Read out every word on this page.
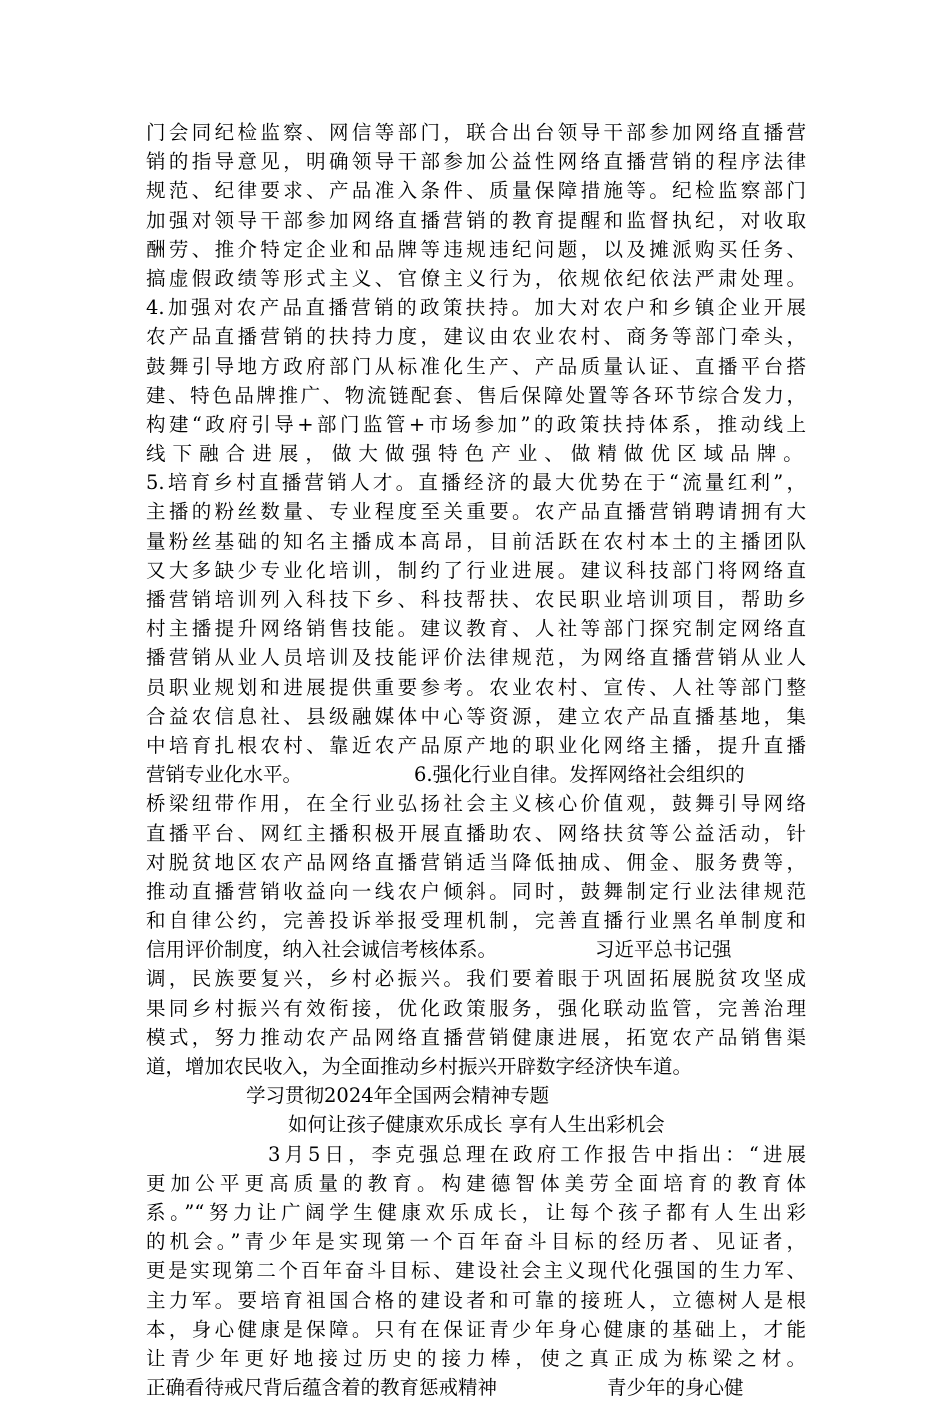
门会同纪检监察、网信等部门，联合出台领导干部参加网络直播营
销的指导意见，明确领导干部参加公益性网络直播营销的程序法律
规范、纪律要求、产品准入条件、质量保障措施等。纪检监察部门
加强对领导干部参加网络直播营销的教育提醒和监督执纪，对收取
酬劳、推介特定企业和品牌等违规违纪问题，以及摊派购买任务、
搞虚假政绩等形式主义、官僚主义行为，依规依纪依法严肃处理。
4.加强对农产品直播营销的政策扶持。加大对农户和乡镇企业开展
农产品直播营销的扶持力度，建议由农业农村、商务等部门牵头，
鼓舞引导地方政府部门从标准化生产、产品质量认证、直播平台搭
建、特色品牌推广、物流链配套、售后保障处置等各环节综合发力，
构建“政府引导+部门监管+市场参加”的政策扶持体系，推动线上
线下融合进展，做大做强特色产业、做精做优区域品牌。
5.培育乡村直播营销人才。直播经济的最大优势在于“流量红利”，
主播的粉丝数量、专业程度至关重要。农产品直播营销聘请拥有大
量粉丝基础的知名主播成本高昂，目前活跃在农村本土的主播团队
又大多缺少专业化培训，制约了行业进展。建议科技部门将网络直
播营销培训列入科技下乡、科技帮扶、农民职业培训项目，帮助乡
村主播提升网络销售技能。建议教育、人社等部门探究制定网络直
播营销从业人员培训及技能评价法律规范，为网络直播营销从业人
员职业规划和进展提供重要参考。农业农村、宣传、人社等部门整
合益农信息社、县级融媒体中心等资源，建立农产品直播基地，集
中培育扎根农村、靠近农产品原产地的职业化网络主播，提升直播
营销专业化水平。	6.强化行业自律。发挥网络社会组织的
桥梁纽带作用，在全行业弘扬社会主义核心价值观，鼓舞引导网络
直播平台、网红主播积极开展直播助农、网络扶贫等公益活动，针
对脱贫地区农产品网络直播营销适当降低抽成、佣金、服务费等，
推动直播营销收益向一线农户倾斜。同时，鼓舞制定行业法律规范
和自律公约，完善投诉举报受理机制，完善直播行业黑名单制度和
信用评价制度，纳入社会诚信考核体系。	习近平总书记强
调，民族要复兴，乡村必振兴。我们要着眼于巩固拓展脱贫攻坚成
果同乡村振兴有效衔接，优化政策服务，强化联动监管，完善治理
模式，努力推动农产品网络直播营销健康进展，拓宽农产品销售渠
道，增加农民收入，为全面推动乡村振兴开辟数字经济快车道。
学习贯彻2024年全国两会精神专题
如何让孩子健康欢乐成长 享有人生出彩机会
3月5日，李克强总理在政府工作报告中指出：“进展
更加公平更高质量的教育。构建德智体美劳全面培育的教育体
系。”“努力让广阔学生健康欢乐成长，让每个孩子都有人生出彩
的机会。”青少年是实现第一个百年奋斗目标的经历者、见证者，
更是实现第二个百年奋斗目标、建设社会主义现代化强国的生力军、
主力军。要培育祖国合格的建设者和可靠的接班人，立德树人是根
本，身心健康是保障。只有在保证青少年身心健康的基础上，才能
让青少年更好地接过历史的接力棒，使之真正成为栋梁之材。
正确看待戒尺背后蕴含着的教育惩戒精神	青少年的身心健
